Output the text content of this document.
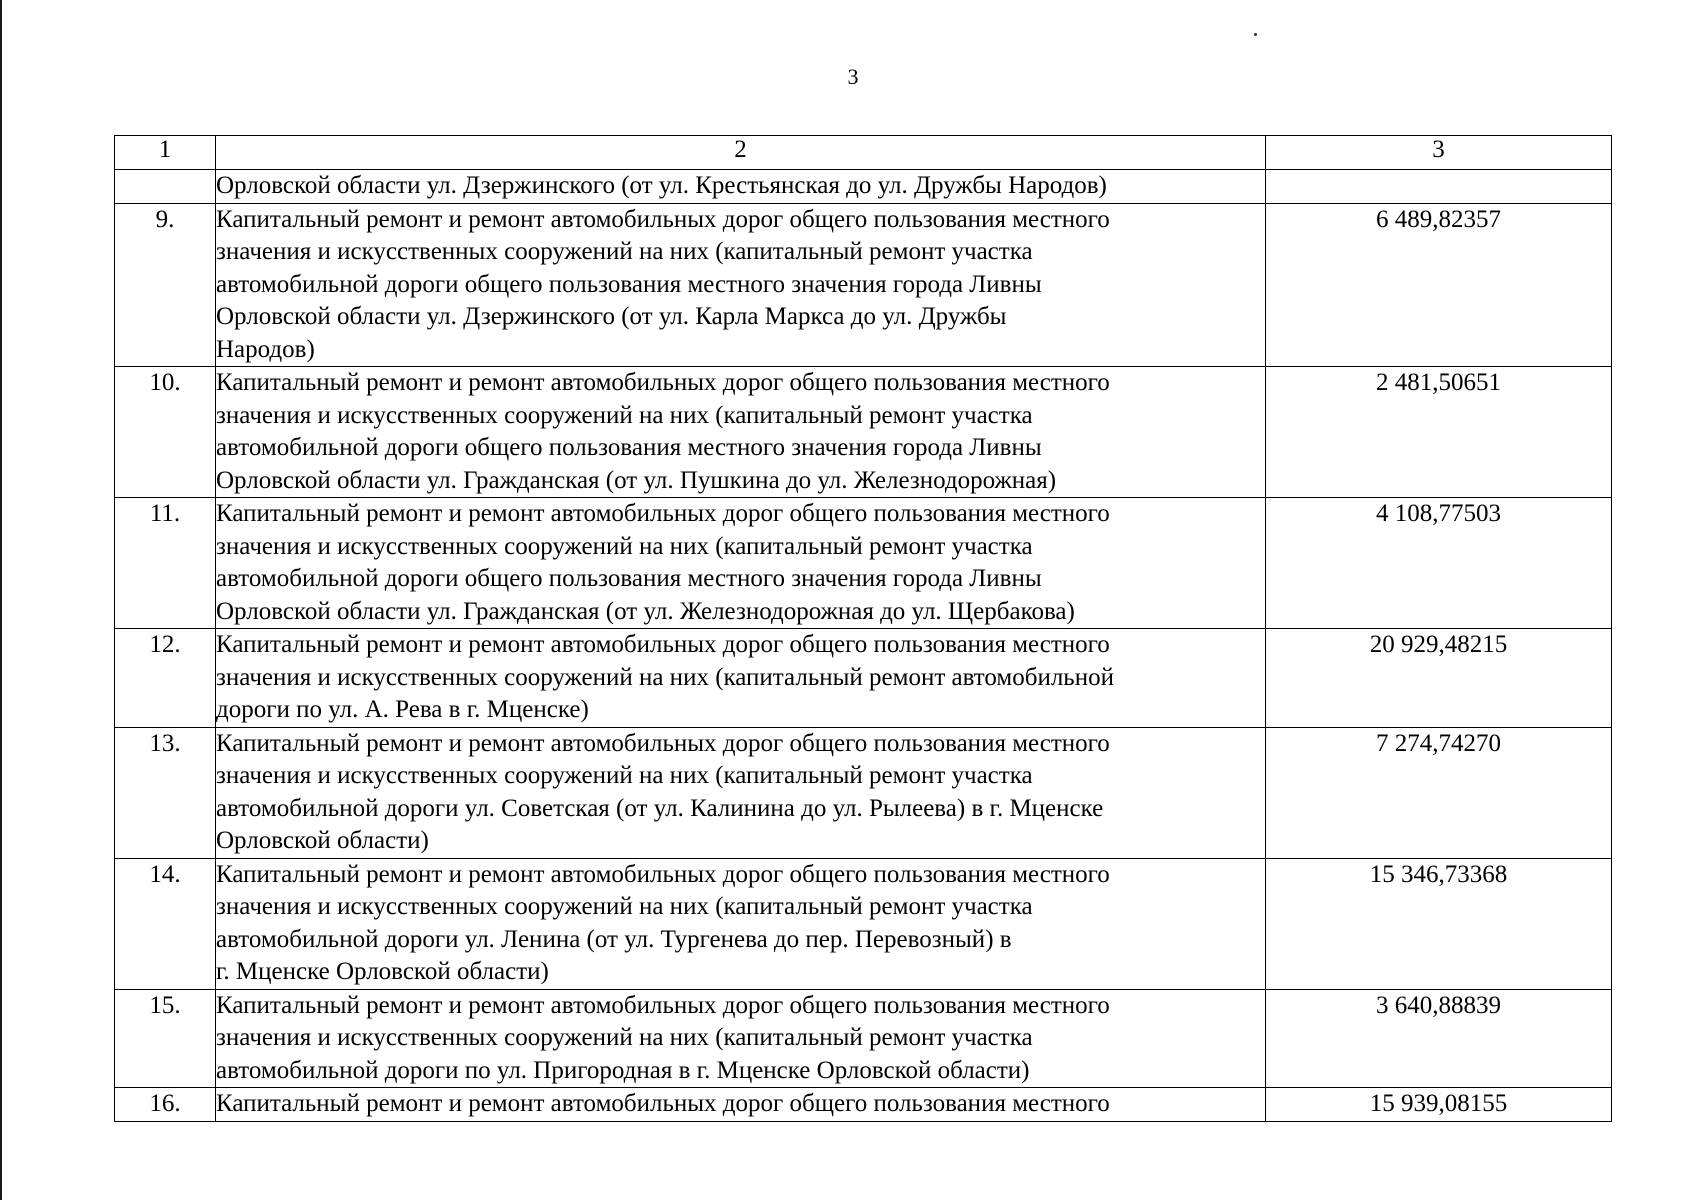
3
1	2	3

	Орловской области ул. Дзержинского (от ул. Крестьянская до ул. Дружбы Народов)	

9.	Капитальный ремонт и ремонт автомобильных дорог общего пользования местного
значения и искусственных сооружений на них (капитальный ремонт участка
автомобильной дороги общего пользования местного значения города Ливны
Орловской области ул. Дзержинского (от ул. Карла Маркса до ул. Дружбы
Народов)	6 489,82357
10.	Капитальный ремонт и ремонт автомобильных дорог общего пользования местного
значения и искусственных сооружений на них (капитальный ремонт участка
автомобильной дороги общего пользования местного значения города Ливны
Орловской области ул. Гражданская (от ул. Пушкина до ул. Железнодорожная)	2 481,50651
11.	Капитальный ремонт и ремонт автомобильных дорог общего пользования местного
значения и искусственных сооружений на них (капитальный ремонт участка
автомобильной дороги общего пользования местного значения города Ливны
Орловской области ул. Гражданская (от ул. Железнодорожная до ул. Щербакова)	4 108,77503
12.	Капитальный ремонт и ремонт автомобильных дорог общего пользования местного
значения и искусственных сооружений на них (капитальный ремонт автомобильной
дороги по ул. А. Рева в г. Мценске)	20 929,48215
13.	Капитальный ремонт и ремонт автомобильных дорог общего пользования местного
значения и искусственных сооружений на них (капитальный ремонт участка
автомобильной дороги ул. Советская (от ул. Калинина до ул. Рылеева) в г. Мценске
Орловской области)	7 274,74270
14.	Капитальный ремонт и ремонт автомобильных дорог общего пользования местного
значения и искусственных сооружений на них (капитальный ремонт участка
автомобильной дороги ул. Ленина (от ул. Тургенева до пер. Перевозный) в
г. Мценске Орловской области)	15 346,73368
15.	Капитальный ремонт и ремонт автомобильных дорог общего пользования местного
значения и искусственных сооружений на них (капитальный ремонт участка
автомобильной дороги по ул. Пригородная в г. Мценске Орловской области)	3 640,88839
16.	Капитальный ремонт и ремонт автомобильных дорог общего пользования местного	15 939,08155
